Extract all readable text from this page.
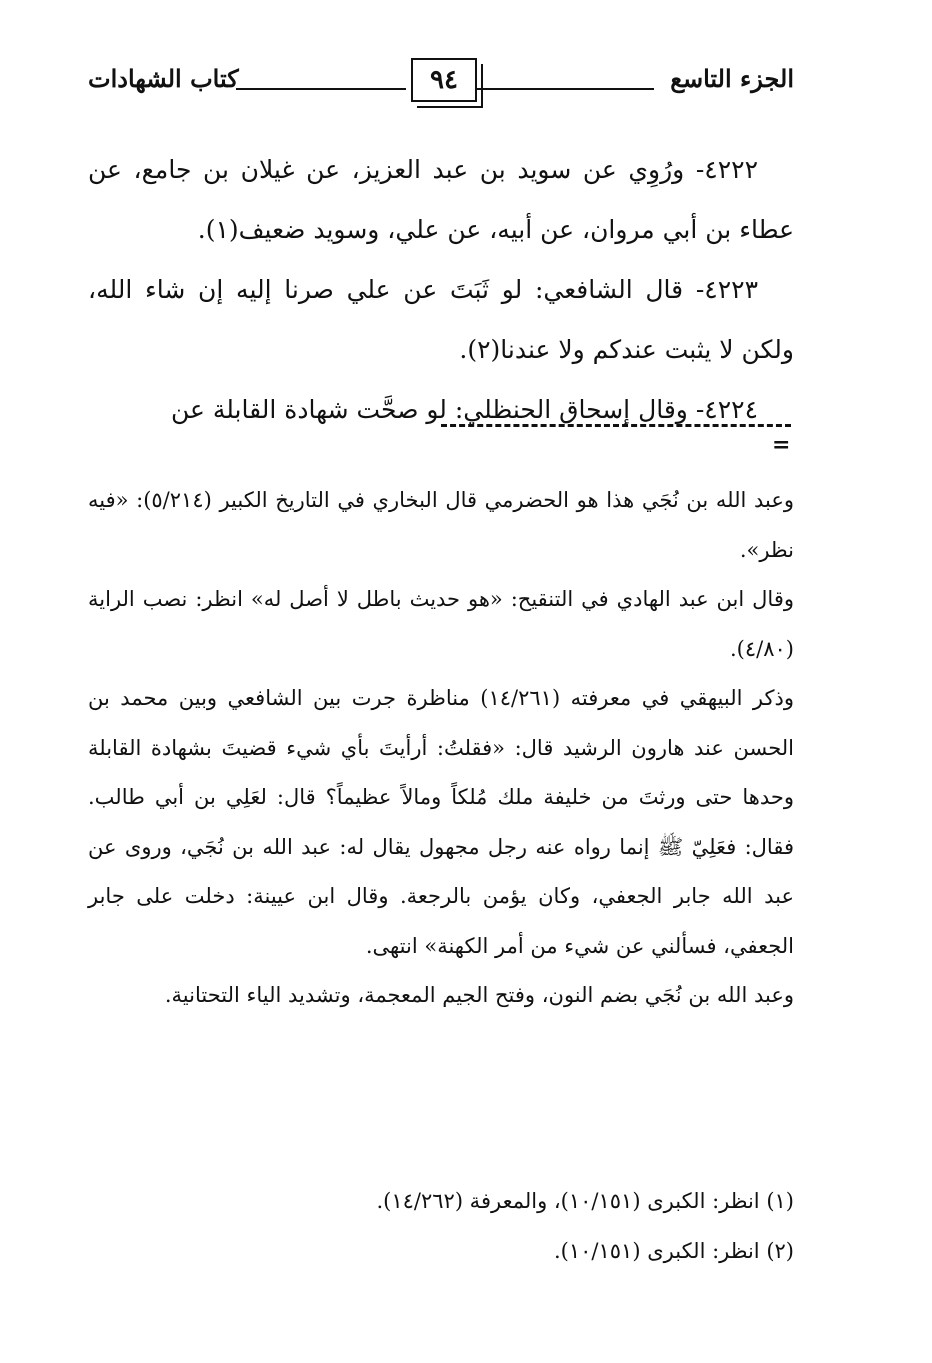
الجزء التاسع
٩٤
كتاب الشهادات

٤٢٢٢- ورُوِي عن سويد بن عبد العزيز، عن غيلان بن جامع، عن عطاء بن أبي مروان، عن أبيه، عن علي، وسويد ضعيف(١).

٤٢٢٣- قال الشافعي: لو ثَبَتَ عن علي صرنا إليه إن شاء الله، ولكن لا يثبت عندكم ولا عندنا(٢).

٤٢٢٤- وقال إسحاق الحنظلي: لو صحَّت شهادة القابلة عن

=

وعبد الله بن نُجَي هذا هو الحضرمي قال البخاري في التاريخ الكبير (٥/٢١٤): «فيه نظر».

وقال ابن عبد الهادي في التنقيح: «هو حديث باطل لا أصل له» انظر: نصب الراية (٤/٨٠).

وذكر البيهقي في معرفته (١٤/٢٦١) مناظرة جرت بين الشافعي وبين محمد بن الحسن عند هارون الرشيد قال: «فقلتُ: أرأيتَ بأي شيء قضيتَ بشهادة القابلة وحدها حتى ورثتَ من خليفة ملك مُلكاً ومالاً عظيماً؟ قال: لعَلِي بن أبي طالب. فقال: فعَلِيّ ﷺ إنما رواه عنه رجل مجهول يقال له: عبد الله بن نُجَي، وروى عن عبد الله جابر الجعفي، وكان يؤمن بالرجعة. وقال ابن عيينة: دخلت على جابر الجعفي، فسألني عن شيء من أمر الكهنة» انتهى.

وعبد الله بن نُجَي بضم النون، وفتح الجيم المعجمة، وتشديد الياء التحتانية.

(١) انظر: الكبرى (١٠/١٥١)، والمعرفة (١٤/٢٦٢).

(٢) انظر: الكبرى (١٠/١٥١).
